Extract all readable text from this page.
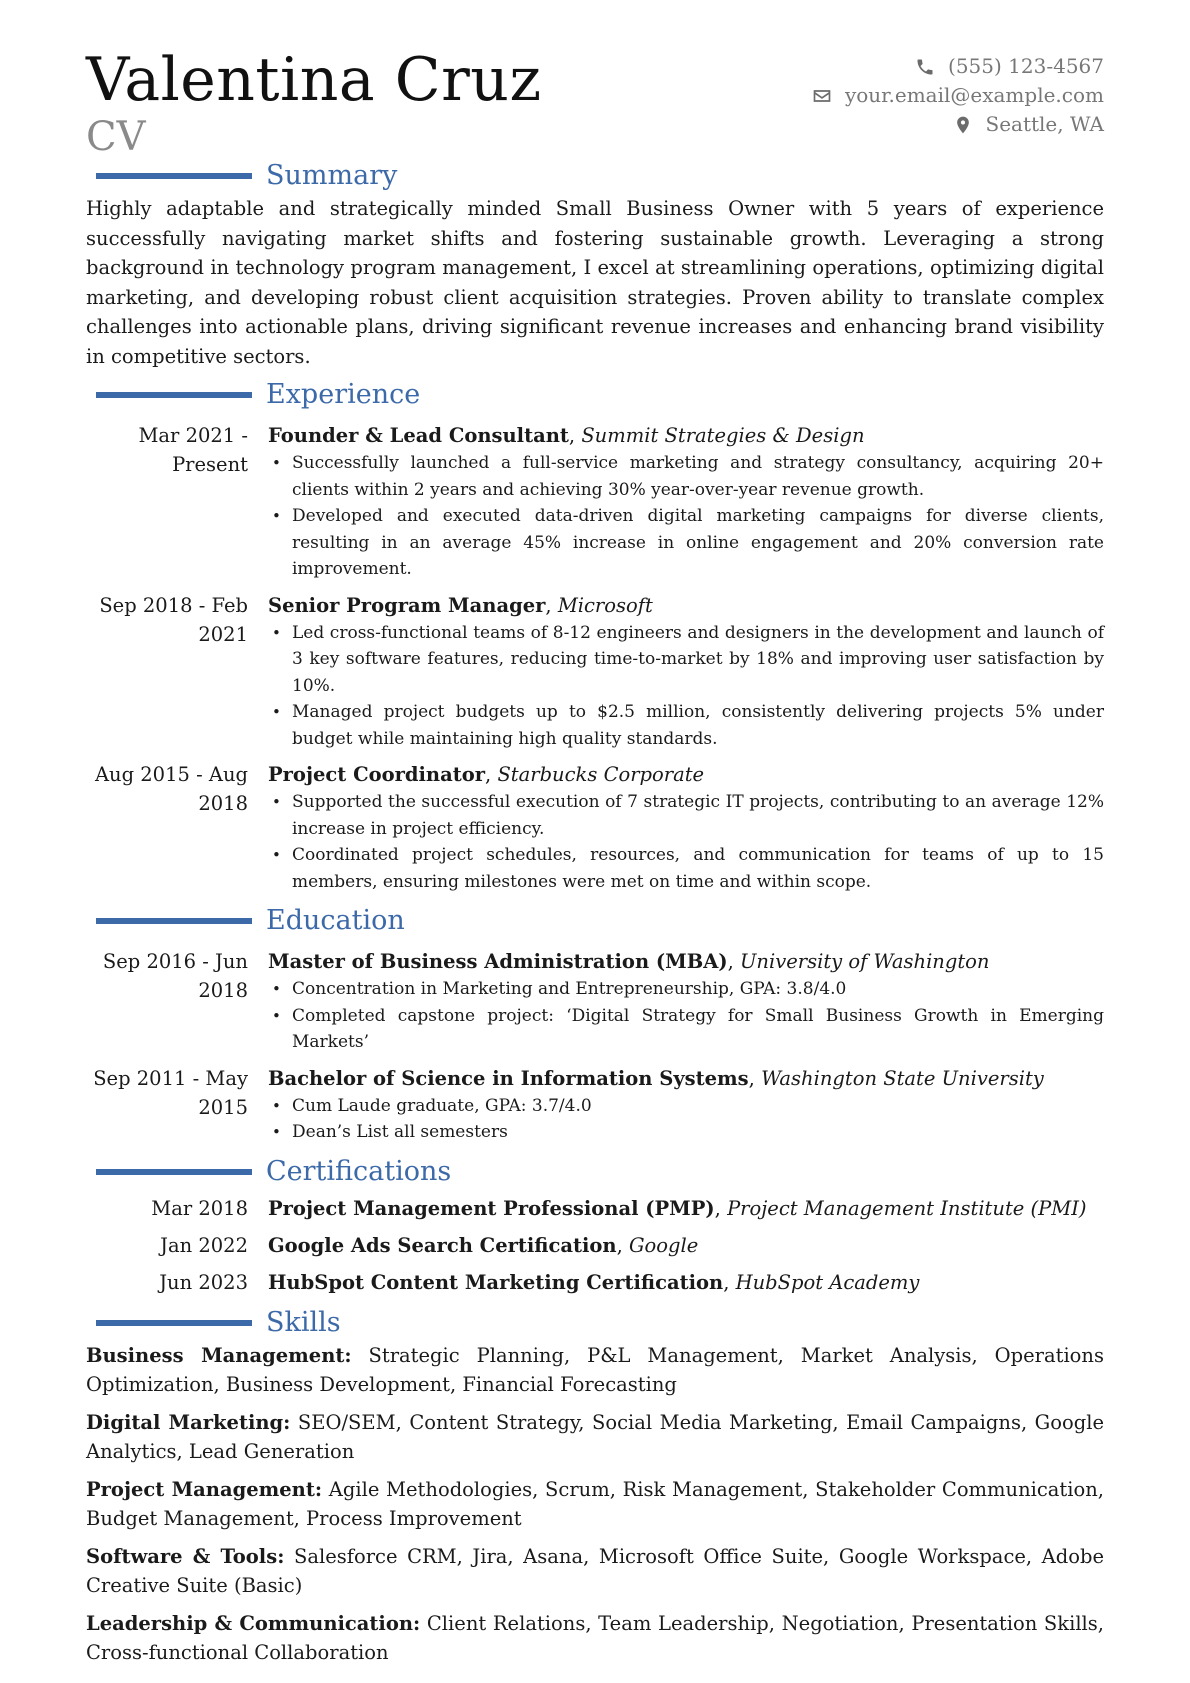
Valentina Cruz
CV
(555) 123-4567
your.email@example.com
Seattle, WA
Summary

Highly adaptable and strategically minded Small Business Owner with 5 years of experience successfully navigating market shifts and fostering sustainable growth. Leveraging a strong background in technology program management, I excel at streamlining operations, optimizing digital marketing, and developing robust client acquisition strategies. Proven ability to translate complex challenges into actionable plans, driving significant revenue increases and enhancing brand visibility in competitive sectors.

Experience
Mar 2021 - Present
Founder & Lead Consultant, Summit Strategies & Design
• Successfully launched a full-service marketing and strategy consultancy, acquiring 20+ clients within 2 years and achieving 30% year-over-year revenue growth.
• Developed and executed data-driven digital marketing campaigns for diverse clients, resulting in an average 45% increase in online engagement and 20% conversion rate improvement.
Sep 2018 - Feb 2021
Senior Program Manager, Microsoft
• Led cross-functional teams of 8-12 engineers and designers in the development and launch of 3 key software features, reducing time-to-market by 18% and improving user satisfaction by 10%.
• Managed project budgets up to $2.5 million, consistently delivering projects 5% under budget while maintaining high quality standards.
Aug 2015 - Aug 2018
Project Coordinator, Starbucks Corporate
• Supported the successful execution of 7 strategic IT projects, contributing to an average 12% increase in project efficiency.
• Coordinated project schedules, resources, and communication for teams of up to 15 members, ensuring milestones were met on time and within scope.
Education
Sep 2016 - Jun 2018
Master of Business Administration (MBA), University of Washington
• Concentration in Marketing and Entrepreneurship, GPA: 3.8/4.0
• Completed capstone project: ‘Digital Strategy for Small Business Growth in Emerging Markets’
Sep 2011 - May 2015
Bachelor of Science in Information Systems, Washington State University
• Cum Laude graduate, GPA: 3.7/4.0
• Dean’s List all semesters
Certifications
Mar 2018	Project Management Professional (PMP), Project Management Institute (PMI)
Jan 2022	Google Ads Search Certification, Google
Jun 2023	HubSpot Content Marketing Certification, HubSpot Academy
Skills
Business Management: Strategic Planning, P&L Management, Market Analysis, Operations Optimization, Business Development, Financial Forecasting
Digital Marketing: SEO/SEM, Content Strategy, Social Media Marketing, Email Campaigns, Google Analytics, Lead Generation
Project Management: Agile Methodologies, Scrum, Risk Management, Stakeholder Communication, Budget Management, Process Improvement
Software & Tools: Salesforce CRM, Jira, Asana, Microsoft Office Suite, Google Workspace, Adobe Creative Suite (Basic)
Leadership & Communication: Client Relations, Team Leadership, Negotiation, Presentation Skills, Cross-functional Collaboration
